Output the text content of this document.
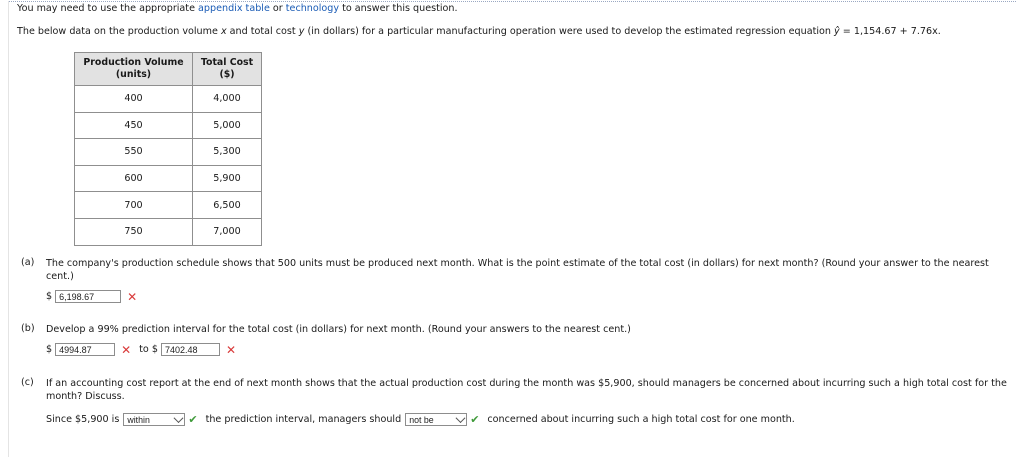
You may need to use the appropriate appendix table or technology to answer this question.
The below data on the production volume x and total cost y (in dollars) for a particular manufacturing operation were used to develop the estimated regression equation ŷ = 1,154.67 + 7.76x.
Production Volume
(units)	Total Cost
($)
400	4,000
450	5,000
550	5,300
600	5,900
700	6,500
750	7,000
(a) The company's production schedule shows that 500 units must be produced next month. What is the point estimate of the total cost (in dollars) for next month? (Round your answer to the nearest cent.)
$ 6,198.67	✕
(b) Develop a 99% prediction interval for the total cost (in dollars) for next month. (Round your answers to the nearest cent.)
$ 4994.87	✕ to $ 7402.48	✕
(c) If an accounting cost report at the end of next month shows that the actual production cost during the month was $5,900, should managers be concerned about incurring such a high total cost for the month? Discuss.
Since $5,900 is within	✔ the prediction interval, managers should not be	✔ concerned about incurring such a high total cost for one month.
